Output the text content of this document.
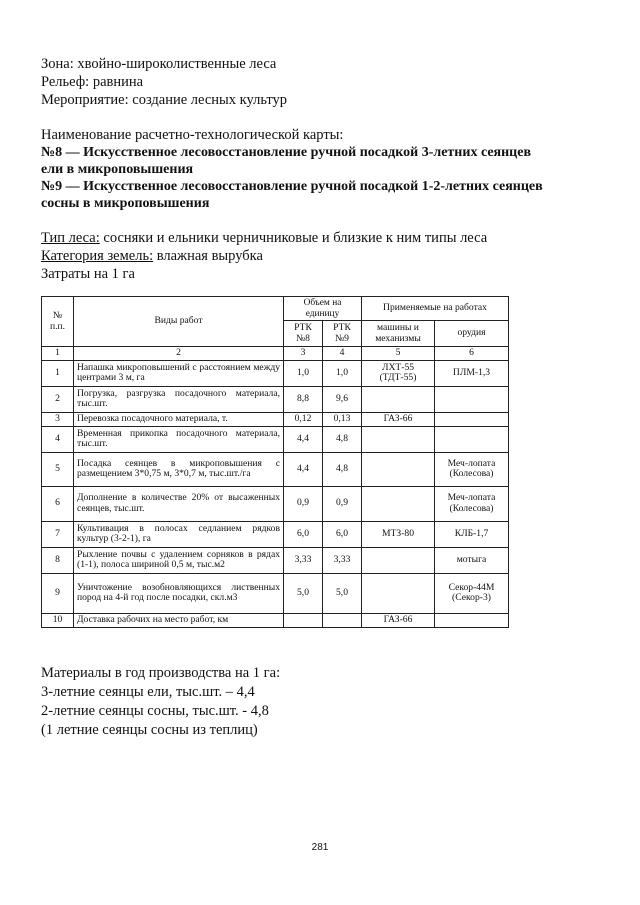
Зона: хвойно-широколиственные леса
Рельеф: равнина
Мероприятие: создание лесных культур
Наименование расчетно-технологической карты:
№8 — Искусственное лесовосстановление ручной посадкой 3-летних сеянцев
ели в микроповышения
№9 — Искусственное лесовосстановление ручной посадкой 1-2-летних сеянцев
сосны в микроповышения
Тип леса: сосняки и ельники черничниковые и близкие к ним типы леса
Категория земель: влажная вырубка
Затраты на 1 га
№ п.п.	Виды работ	Объем на единицу		Применяемые на работах	
		РТК №8	РТК №9	машины и механизмы	орудия
1	2	3	4	5	6
1	Напашка микроповышений с расстоянием между центрами 3 м, га	1,0	1,0	ЛХТ-55 (ТДТ-55)	ПЛМ-1,3
2	Погрузка, разгрузка посадочного материала, тыс.шт.	8,8	9,6		
3	Перевозка посадочного материала, т.	0,12	0,13	ГАЗ-66	
4	Временная прикопка посадочного материала, тыс.шт.	4,4	4,8		
5	Посадка сеянцев в микроповышения с размещением 3*0,75 м, 3*0,7 м, тыс.шт./га	4,4	4,8		Меч-лопата (Колесова)
6	Дополнение в количестве 20% от высаженных сеянцев, тыс.шт.	0,9	0,9		Меч-лопата (Колесова)
7	Культивация в полосах седланием рядков культур (3-2-1), га	6,0	6,0	МТЗ-80	КЛБ-1,7
8	Рыхление почвы с удалением сорняков в рядах (1-1), полоса шириной 0,5 м, тыс.м2	3,33	3,33		мотыга
9	Уничтожение возобновляющихся лиственных пород на 4-й год после посадки, скл.м3	5,0	5,0		Секор-44М (Секор-3)
10	Доставка рабочих на место работ, км			ГАЗ-66	
Материалы в год производства на 1 га:
3-летние сеянцы ели, тыс.шт. – 4,4
2-летние сеянцы сосны, тыс.шт. - 4,8
(1 летние сеянцы сосны из теплиц)
281
